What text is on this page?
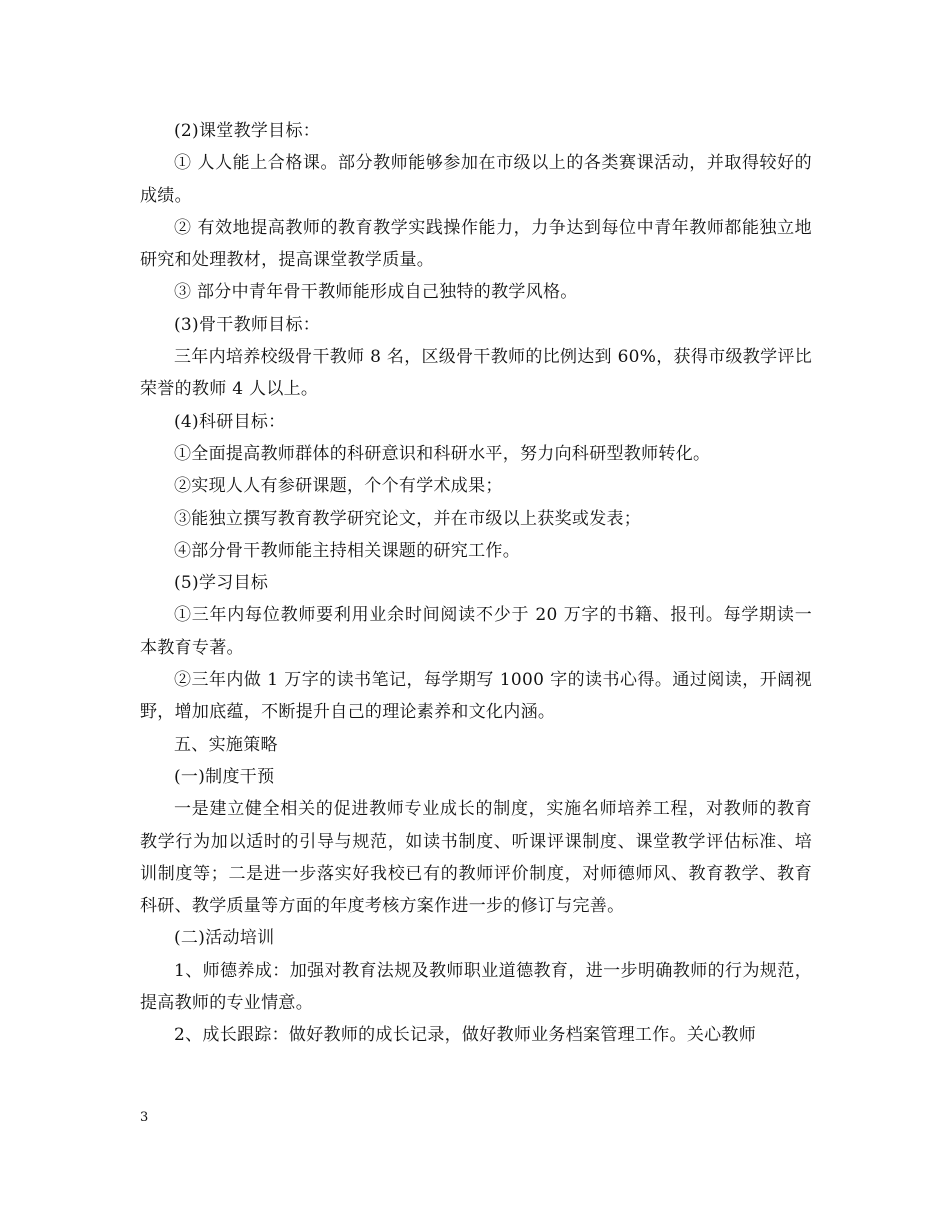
(2)课堂教学目标：

① 人人能上合格课。部分教师能够参加在市级以上的各类赛课活动，并取得较好的成绩。

② 有效地提高教师的教育教学实践操作能力，力争达到每位中青年教师都能独立地研究和处理教材，提高课堂教学质量。

③ 部分中青年骨干教师能形成自己独特的教学风格。

(3)骨干教师目标：

三年内培养校级骨干教师 8 名，区级骨干教师的比例达到 60%，获得市级教学评比荣誉的教师 4 人以上。

(4)科研目标：

①全面提高教师群体的科研意识和科研水平，努力向科研型教师转化。

②实现人人有参研课题，个个有学术成果；

③能独立撰写教育教学研究论文，并在市级以上获奖或发表；

④部分骨干教师能主持相关课题的研究工作。

(5)学习目标

①三年内每位教师要利用业余时间阅读不少于 20 万字的书籍、报刊。每学期读一本教育专著。

②三年内做 1 万字的读书笔记，每学期写 1000 字的读书心得。通过阅读，开阔视野，增加底蕴，不断提升自己的理论素养和文化内涵。

五、实施策略

(一)制度干预

一是建立健全相关的促进教师专业成长的制度，实施名师培养工程，对教师的教育教学行为加以适时的引导与规范，如读书制度、听课评课制度、课堂教学评估标准、培训制度等；二是进一步落实好我校已有的教师评价制度，对师德师风、教育教学、教育科研、教学质量等方面的年度考核方案作进一步的修订与完善。

(二)活动培训

1、师德养成：加强对教育法规及教师职业道德教育，进一步明确教师的行为规范，提高教师的专业情意。

2、成长跟踪：做好教师的成长记录，做好教师业务档案管理工作。关心教师

3
